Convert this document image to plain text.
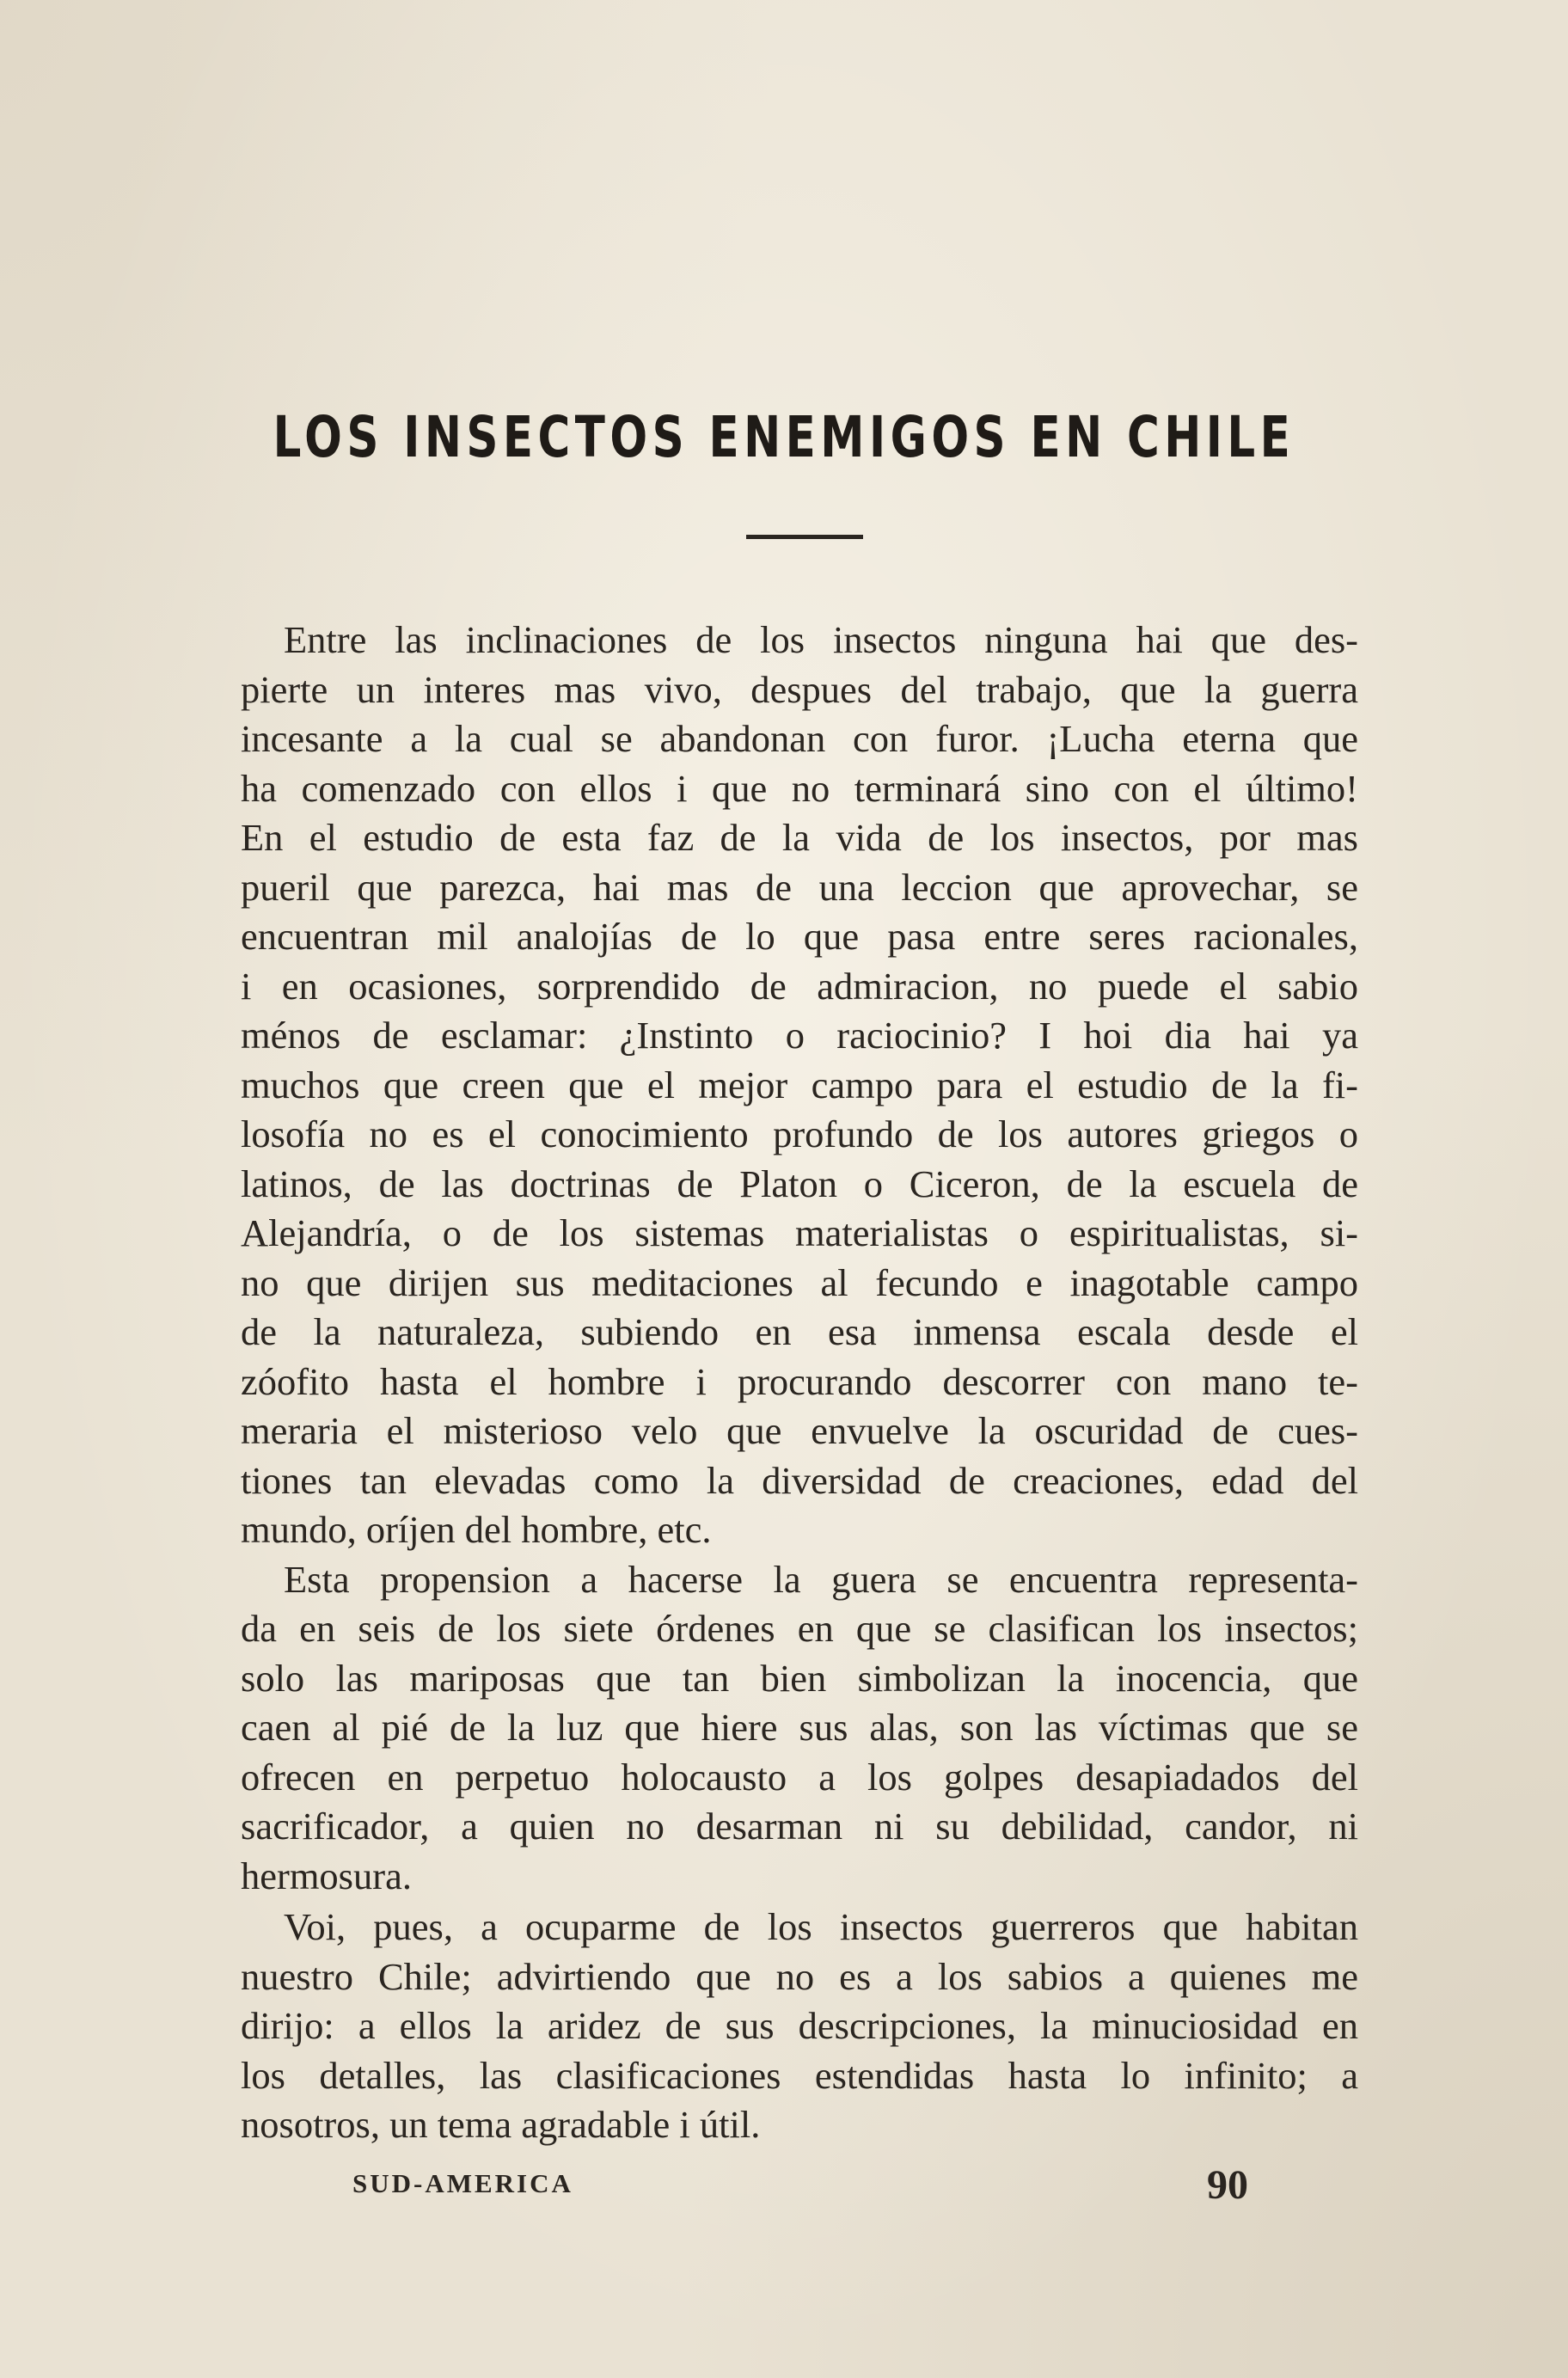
LOS INSECTOS ENEMIGOS EN CHILE
Entre las inclinaciones de los insectos ninguna hai que des-
pierte un interes mas vivo, despues del trabajo, que la guerra
incesante a la cual se abandonan con furor. ¡Lucha eterna que
ha comenzado con ellos i que no terminará sino con el último!
En el estudio de esta faz de la vida de los insectos, por mas
pueril que parezca, hai mas de una leccion que aprovechar, se
encuentran mil analojías de lo que pasa entre seres racionales,
i en ocasiones, sorprendido de admiracion, no puede el sabio
ménos de esclamar: ¿Instinto o raciocinio? I hoi dia hai ya
muchos que creen que el mejor campo para el estudio de la fi-
losofía no es el conocimiento profundo de los autores griegos o
latinos, de las doctrinas de Platon o Ciceron, de la escuela de
Alejandría, o de los sistemas materialistas o espiritualistas, si-
no que dirijen sus meditaciones al fecundo e inagotable campo
de la naturaleza, subiendo en esa inmensa escala desde el
zóofito hasta el hombre i procurando descorrer con mano te-
meraria el misterioso velo que envuelve la oscuridad de cues-
tiones tan elevadas como la diversidad de creaciones, edad del
mundo, oríjen del hombre, etc.
Esta propension a hacerse la guera se encuentra representa-
da en seis de los siete órdenes en que se clasifican los insectos;
solo las mariposas que tan bien simbolizan la inocencia, que
caen al pié de la luz que hiere sus alas, son las víctimas que se
ofrecen en perpetuo holocausto a los golpes desapiadados del
sacrificador, a quien no desarman ni su debilidad, candor, ni
hermosura.
Voi, pues, a ocuparme de los insectos guerreros que habitan
nuestro Chile; advirtiendo que no es a los sabios a quienes me
dirijo: a ellos la aridez de sus descripciones, la minuciosidad en
los detalles, las clasificaciones estendidas hasta lo infinito; a
nosotros, un tema agradable i útil.
SUD-AMERICA	90
